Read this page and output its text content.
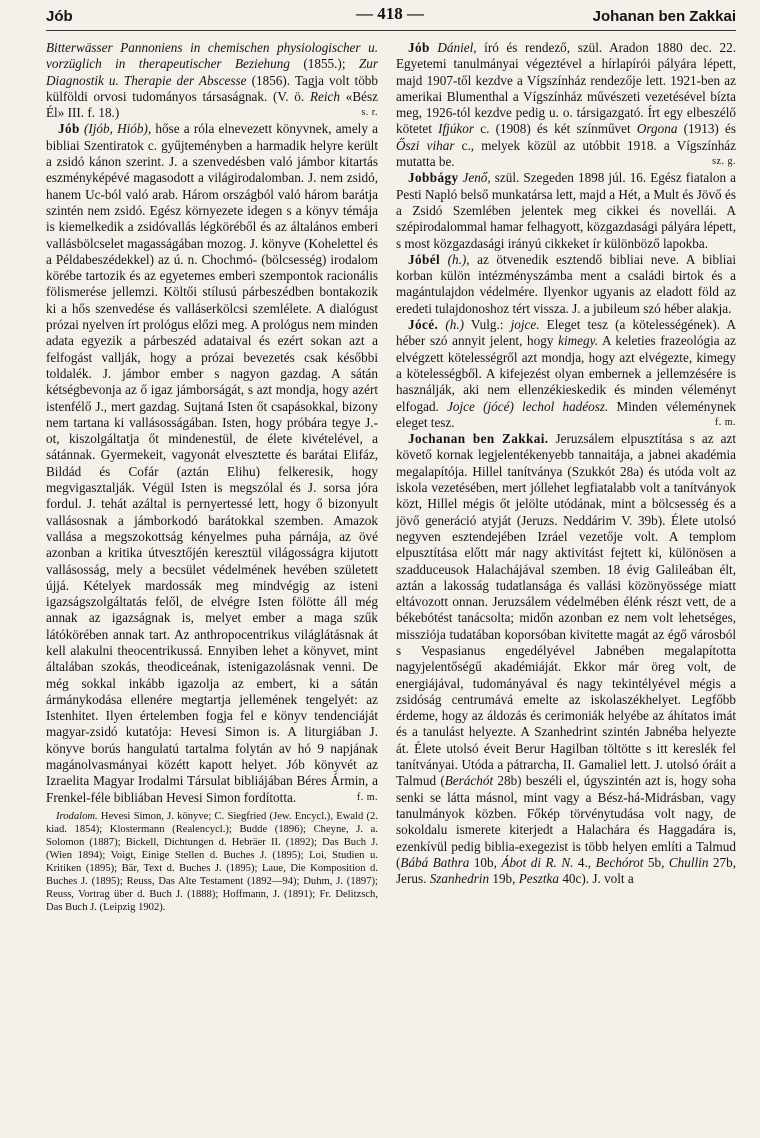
Jób	— 418 —	Johanan ben Zakkai

Bitterwässer Pannoniens in chemischen physiologischer u. vorzüglich in therapeutischer Beziehung (1855.); Zur Diagnostik u. Therapie der Abscesse (1856). Tagja volt több külföldi orvosi tudományos társaságnak. (V. ö. Reich «Bész Él» III. f. 18.)	s. r.

Jób (Ijób, Hiób), hőse a róla elnevezett könyvnek, amely a bibliai Szentiratok c. gyűjteményben a harmadik helyre került a zsidó kánon szerint. J. a szenvedésben való jámbor kitartás eszményképévé magasodott a világirodalomban. J. nem zsidó, hanem Uc-ból való arab. Három országból való három barátja szintén nem zsidó. Egész környezete idegen s a könyv témája is kiemelkedik a zsidóvallás légköréből és az általános emberi vallásbölcselet magasságában mozog. J. könyve (Kohelettel és a Példabeszédekkel) az ú. n. Chochmó- (bölcsesség) irodalom körébe tartozik és az egyetemes emberi szempontok racionális fölismerése jellemzi. Költői stílusú párbeszédben bontakozik ki a hős szenvedése és valláserkölcsi szemlélete. A dialógust prózai nyelven írt prológus előzi meg. A prológus nem minden adata egyezik a párbeszéd adataival és ezért sokan azt a felfogást vallják, hogy a prózai bevezetés csak későbbi toldalék. J. jámbor ember s nagyon gazdag. A sátán kétségbevonja az ő igaz jámborságát, s azt mondja, hogy azért istenfélő J., mert gazdag. Sujtaná Isten őt csapásokkal, bizony nem tartana ki vallásosságában. Isten, hogy próbára tegye J.-ot, kiszolgáltatja őt mindenestül, de élete kivételével, a sátánnak. Gyermekeit, vagyonát elvesztette és barátai Elifáz, Bildád és Cofár (aztán Elihu) felkeresik, hogy megvigasztalják. Végül Isten is megszólal és J. sorsa jóra fordul. J. tehát azáltal is pernyertessé lett, hogy ő bizonyult vallásosnak a jámborkodó barátokkal szemben. Amazok vallása a megszokottság kényelmes puha párnája, az övé azonban a kritika útvesztőjén keresztül világosságra kijutott vallásosság, mely a becsület védelmének hevében született újjá. Kételyek mardossák meg mindvégig az isteni igazságszolgáltatás felől, de elvégre Isten fölötte áll még annak az igazságnak is, melyet ember a maga szűk látókörében annak tart. Az anthropocentrikus világlátásnak át kell alakulni theocentrikussá. Ennyiben lehet a könyvet, mint általában szokás, theodiceának, istenigazolásnak venni. De még sokkal inkább igazolja az embert, ki a sátán ármánykodása ellenére megtartja jellemének tengelyét: az Istenhitet. Ilyen értelemben fogja fel e könyv tendenciáját magyar-zsidó kutatója: Hevesi Simon is. A liturgiában J. könyve borús hangulatú tartalma folytán av hó 9 napjának magánolvasmányai közétt kapott helyet. Jób könyvét az Izraelita Magyar Irodalmi Társulat bibliájában Béres Ármin, a Frenkel-féle bibliában Hevesi Simon fordította.	f. m.

Irodalom. Hevesi Simon, J. könyve; C. Siegfried (Jew. Encycl.), Ewald (2. kiad. 1854); Klostermann (Realencycl.); Budde (1896); Cheyne, J. a. Solomon (1887); Bickell, Dichtungen d. Hebräer II. (1892); Das Buch J. (Wien 1894); Voigt, Einige Stellen d. Buches J. (1895); Loi, Studien u. Kritiken (1895); Bär, Text d. Buches J. (1895); Laue, Die Komposition d. Buches J. (1895); Reuss, Das Alte Testament (1892—94); Duhm, J. (1897); Reuss, Vortrag über d. Buch J. (1888); Hoffmann, J. (1891); Fr. Delitzsch, Das Buch J. (Leipzig 1902).

Jób Dániel, író és rendező, szül. Aradon 1880 dec. 22. Egyetemi tanulmányai végeztével a hírlapírói pályára lépett, majd 1907-től kezdve a Vígszínház rendezője lett. 1921-ben az amerikai Blumenthal a Vígszínház művészeti vezetésével bízta meg, 1926-tól kezdve pedig u. o. társigazgató. Írt egy elbeszélő kötetet Ifjúkor c. (1908) és két színművet Orgona (1913) és Őszi vihar c., melyek közül az utóbbit 1918. a Vígszínház mutatta be.	sz. g.

Jobbágy Jenő, szül. Szegeden 1898 júl. 16. Egész fiatalon a Pesti Napló belső munkatársa lett, majd a Hét, a Mult és Jövő és a Zsidó Szemlében jelentek meg cikkei és novellái. A szépirodalommal hamar felhagyott, közgazdasági pályára lépett, s most közgazdasági irányú cikkeket ír különböző lapokba.

Jóbél (h.), az ötvenedik esztendő bibliai neve. A bibliai korban külön intézményszámba ment a családi birtok és a magántulajdon védelmére. Ilyenkor ugyanis az eladott föld az eredeti tulajdonoshoz tért vissza. J. a jubileum szó héber alakja.

Jócé. (h.) Vulg.: jojce. Eleget tesz (a kötelességének). A héber szó annyit jelent, hogy kimegy. A keleties frazeológia az elvégzett kötelességről azt mondja, hogy azt elvégezte, kimegy a kötelességből. A kifejezést olyan embernek a jellemzésére is használják, aki nem ellenzékieskedik és minden véleményt elfogad. Jojce (jócé) lechol hadéosz. Minden véleménynek eleget tesz.	f. m.

Jochanan ben Zakkai. Jeruzsálem elpusztítása s az azt követő kornak legjelentékenyebb tannaitája, a jabnei akadémia megalapítója. Hillel tanítványa (Szukkót 28a) és utóda volt az iskola vezetésében, mert jóllehet legfiatalabb volt a tanítványok közt, Hillel mégis őt jelölte utódának, mint a bölcsesség és a jövő generáció atyját (Jeruzs. Neddárim V. 39b). Élete utolsó negyven esztendejében Izráel vezetője volt. A templom elpusztítása előtt már nagy aktivitást fejtett ki, különösen a szadduceusok Halachájával szemben. 18 évig Galileában élt, aztán a lakosság tudatlansága és vallási közönyössége miatt eltávozott onnan. Jeruzsálem védelmében élénk részt vett, de a békebótést tanácsolta; midőn azonban ez nem volt lehetséges, missziója tudatában koporsóban kivitette magát az égő városból s Vespasianus engedélyével Jabnében megalapította nagyjelentőségű akadémiáját. Ekkor már öreg volt, de energiájával, tudományával és nagy tekintélyével mégis a zsidóság centrumává emelte az iskolaszékhelyet. Legfőbb érdeme, hogy az áldozás és cerimoniák helyébe az áhítatos imát és a tanulást helyezte. A Szanhedrint szintén Jabnéba helyezte át. Élete utolsó éveit Berur Hagilban töltötte s itt kereslék fel tanítványai. Utóda a pátrarcha, II. Gamaliel lett. J. utolsó óráit a Talmud (Beráchót 28b) beszéli el, úgyszintén azt is, hogy soha senki se látta másnol, mint vagy a Bész-há-Midrásban, vagy tanulmányok közben. Főkép törvénytudása volt nagy, de sokoldalu ismerete kiterjedt a Halachára és Haggadára is, ezenkívül pedig biblia-exegezist is több helyen említi a Talmud (Bábá Bathra 10b, Ábot di R. N. 4., Bechórot 5b, Chullin 27b, Jerus. Szanhedrin 19b, Pesztka 40c). J. volt a
